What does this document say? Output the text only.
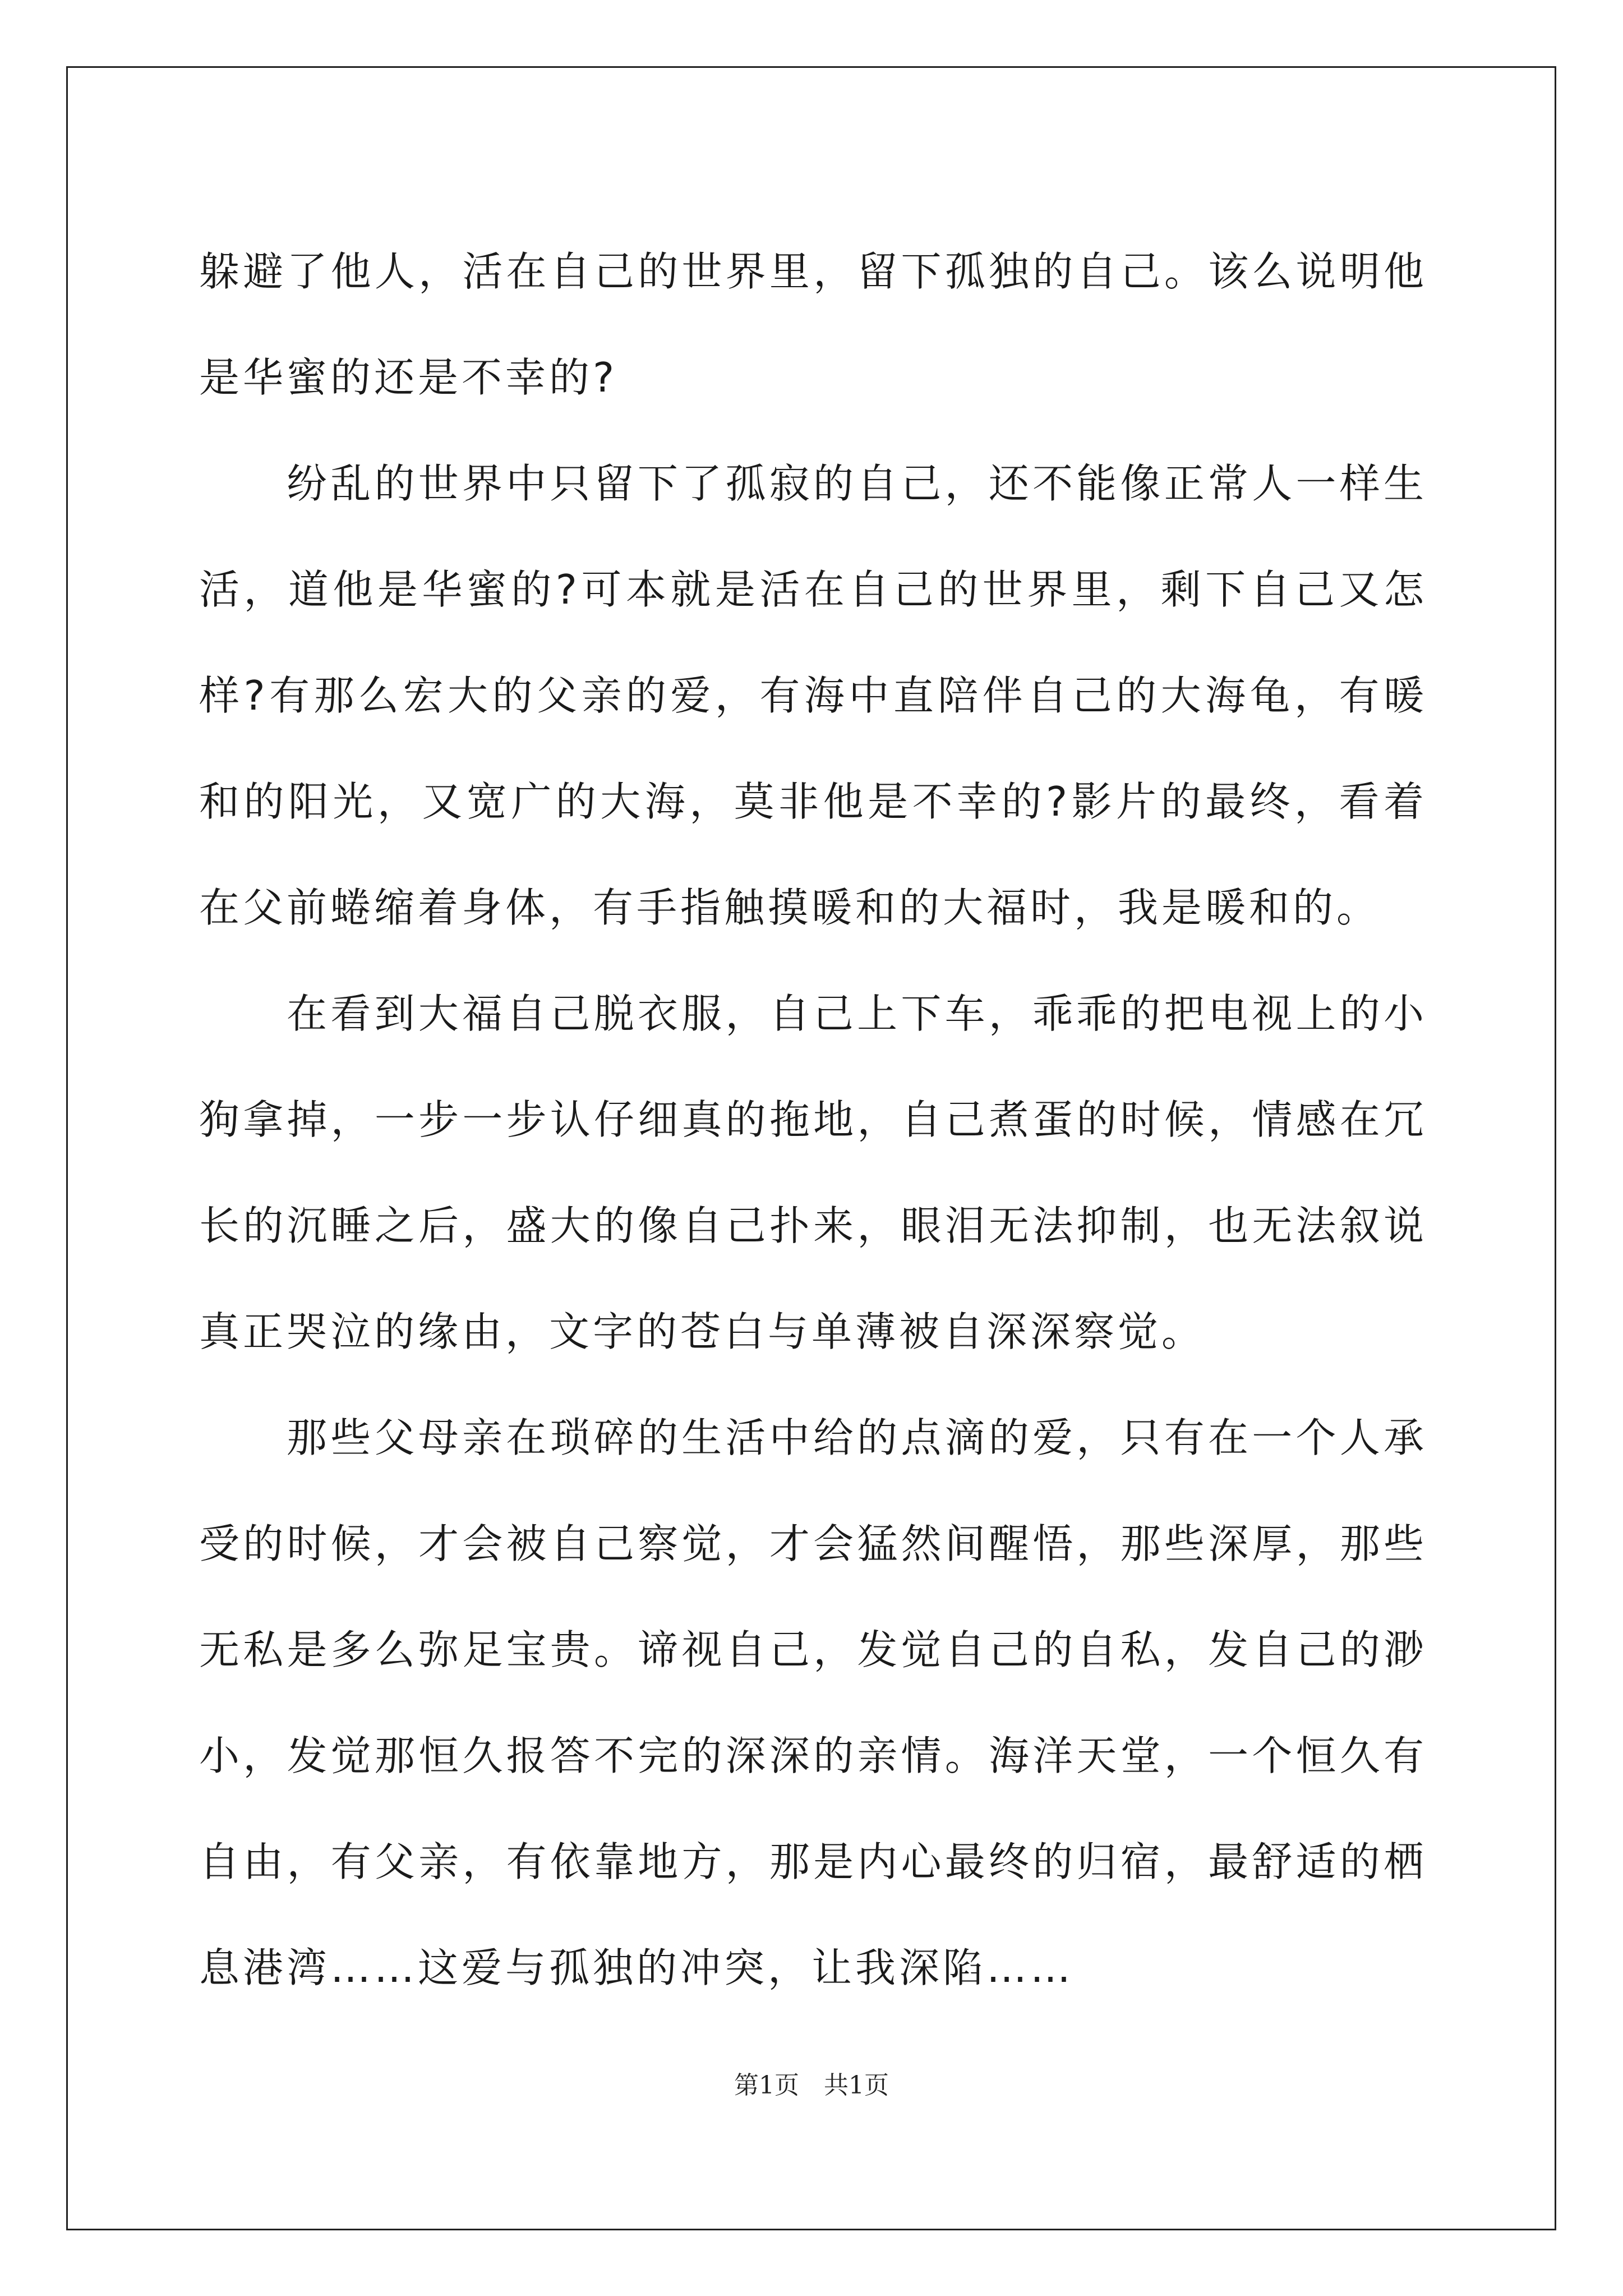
躲避了他人，活在自己的世界里，留下孤独的自己。该么说明他是华蜜的还是不幸的?

纷乱的世界中只留下了孤寂的自己，还不能像正常人一样生活，道他是华蜜的?可本就是活在自己的世界里，剩下自己又怎样?有那么宏大的父亲的爱，有海中直陪伴自己的大海龟，有暖和的阳光，又宽广的大海，莫非他是不幸的?影片的最终，看着在父前蜷缩着身体，有手指触摸暖和的大福时，我是暖和的。

在看到大福自己脱衣服，自己上下车，乖乖的把电视上的小狗拿掉，一步一步认仔细真的拖地，自己煮蛋的时候，情感在冗长的沉睡之后，盛大的像自己扑来，眼泪无法抑制，也无法叙说真正哭泣的缘由，文字的苍白与单薄被自深深察觉。

那些父母亲在琐碎的生活中给的点滴的爱，只有在一个人承受的时候，才会被自己察觉，才会猛然间醒悟，那些深厚，那些无私是多么弥足宝贵。谛视自己，发觉自己的自私，发自己的渺小，发觉那恒久报答不完的深深的亲情。海洋天堂，一个恒久有自由，有父亲，有依靠地方，那是内心最终的归宿，最舒适的栖息港湾……这爱与孤独的冲突，让我深陷……

第1页　共1页
